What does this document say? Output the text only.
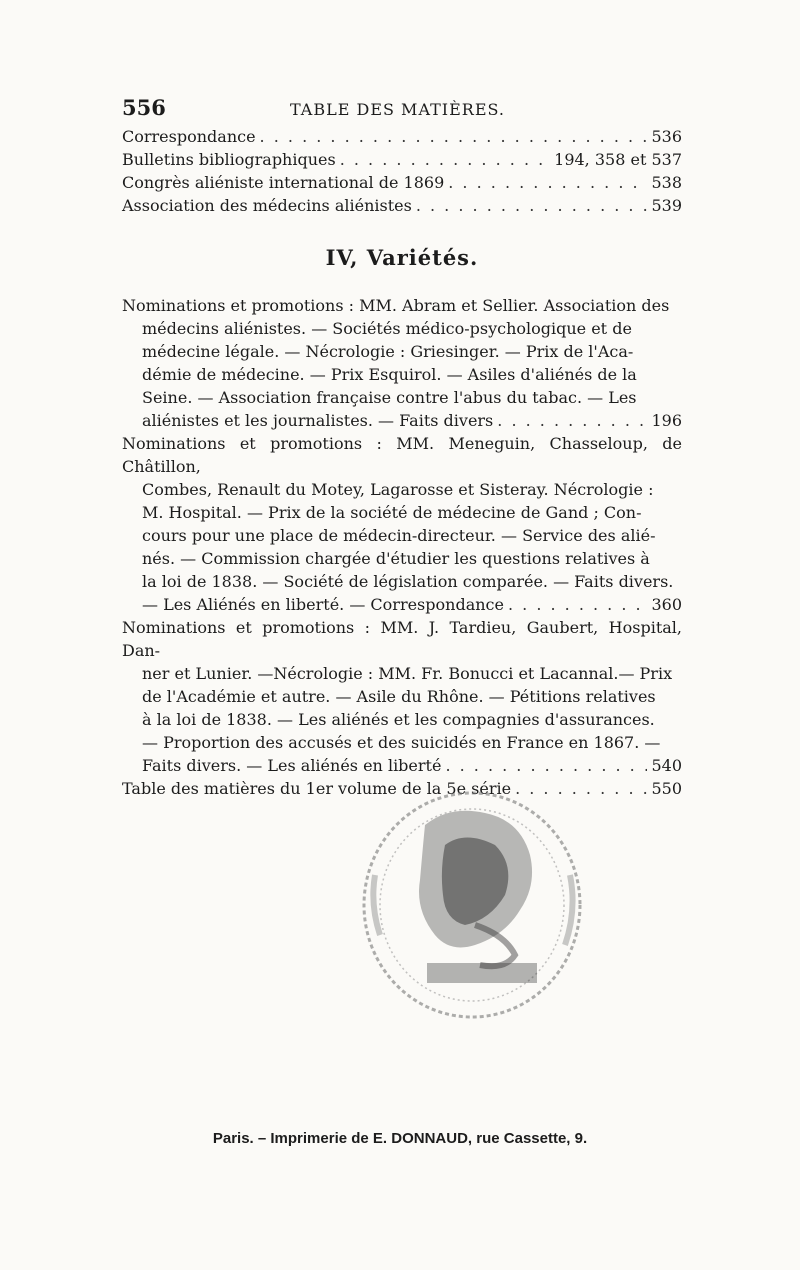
556	TABLE DES MATIÈRES.
Correspondance . . .	536
Bulletins bibliographiques . . .	194, 358 et 537
Congrès aliéniste international de 1869 . . .	538
Association des médecins aliénistes . . .	539
IV, Variétés.
Nominations et promotions : MM. Abram et Sellier. Association des
médecins aliénistes. — Sociétés médico-psychologique et de
médecine légale. — Nécrologie : Griesinger. — Prix de l'Aca-
démie de médecine. — Prix Esquirol. — Asiles d'aliénés de la
Seine. — Association française contre l'abus du tabac. — Les
aliénistes et les journalistes. — Faits divers . . .	196
Nominations et promotions : MM. Meneguin, Chasseloup, de Châtillon,
Combes, Renault du Motey, Lagarosse et Sisteray. Nécrologie :
M. Hospital. — Prix de la société de médecine de Gand ; Con-
cours pour une place de médecin-directeur. — Service des alié-
nés. — Commission chargée d'étudier les questions relatives à
la loi de 1838. — Société de législation comparée. — Faits divers.
— Les Aliénés en liberté. — Correspondance . . .	360
Nominations et promotions : MM. J. Tardieu, Gaubert, Hospital, Dan-
ner et Lunier. —Nécrologie : MM. Fr. Bonucci et Lacannal.— Prix
de l'Académie et autre. — Asile du Rhône. — Pétitions relatives
à la loi de 1838. — Les aliénés et les compagnies d'assurances.
— Proportion des accusés et des suicidés en France en 1867. —
Faits divers. — Les aliénés en liberté . . .	540
Table des matières du 1er volume de la 5e série . . .	550
Paris. – Imprimerie de E. DONNAUD, rue Cassette, 9.
